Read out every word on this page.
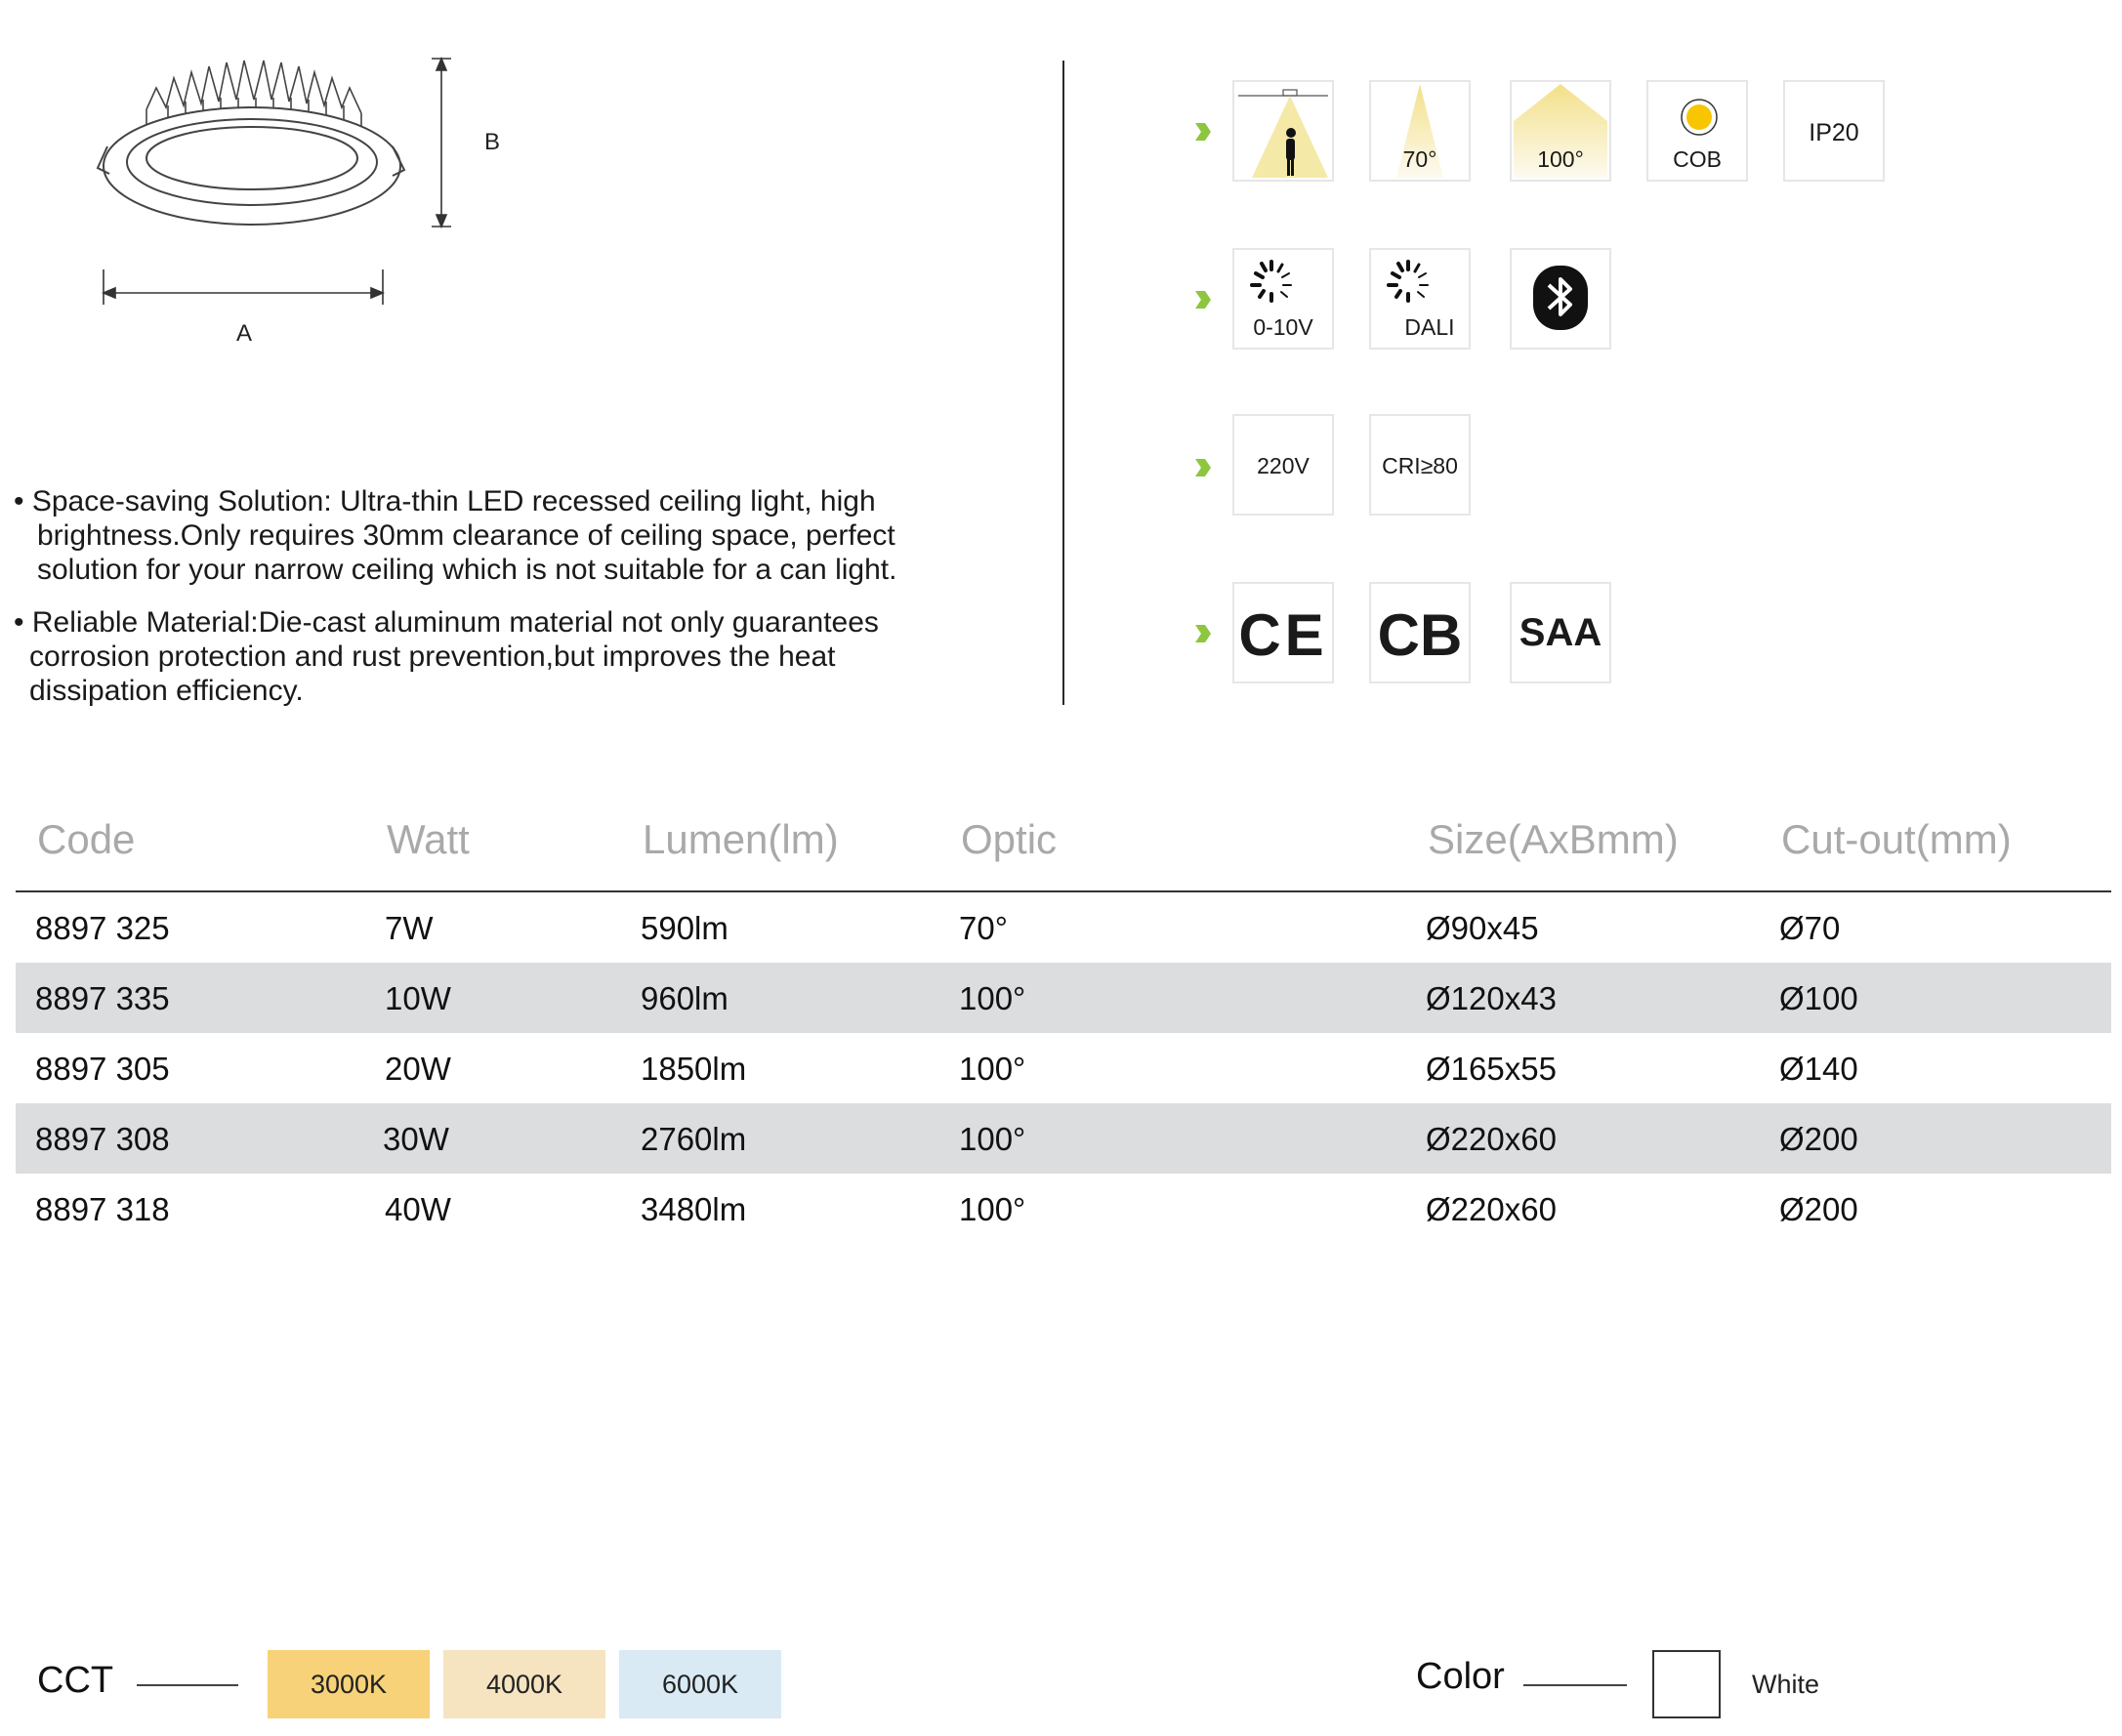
B
A
• Space-saving Solution: Ultra-thin LED recessed ceiling light, high
brightness.Only requires 30mm clearance of ceiling space, perfect
solution for your narrow ceiling which is not suitable for a can light.
• Reliable Material:Die-cast aluminum material not only guarantees
corrosion protection and rust prevention,but improves the heat
dissipation efficiency.
70°	100°	COB
IP20
0-10V	DALI
220V	CRI≥80
CE CB SAA
Code	Watt	Lumen(lm)	Optic	Size(AxBmm)	Cut-out(mm)
8897 325	7W	590lm	70°	Ø90x45	Ø70
8897 335	10W	960lm	100°	Ø120x43	Ø100
8897 305	20W	1850lm	100°	Ø165x55	Ø140
8897 308	30W	2760lm	100°	Ø220x60	Ø200
8897 318	40W	3480lm	100°	Ø220x60	Ø200
CCT	3000K	4000K	6000K	Color	White
